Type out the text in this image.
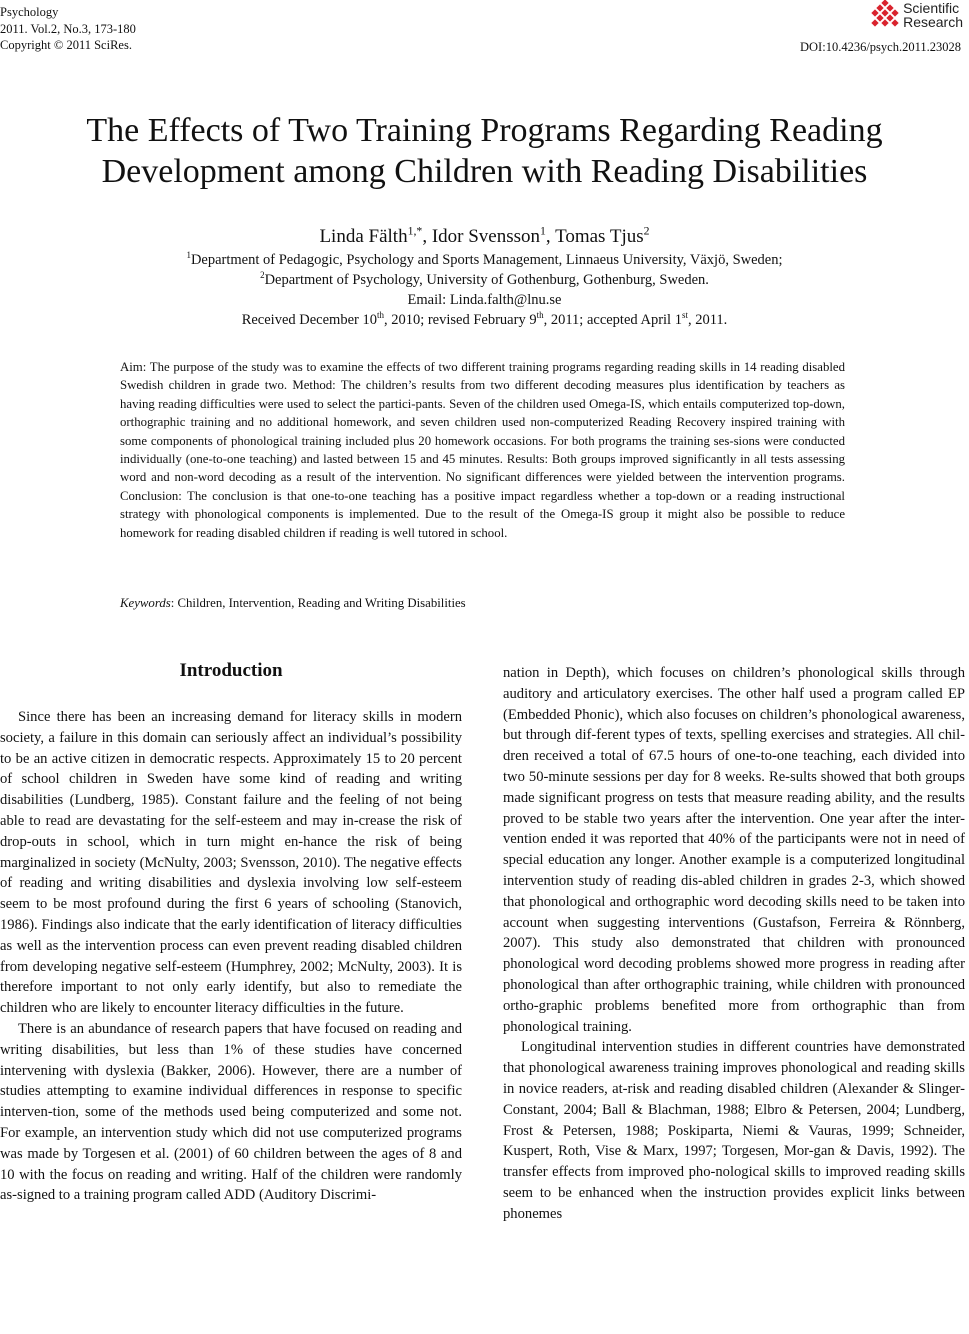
Psychology
2011. Vol.2, No.3, 173-180
Copyright © 2011 SciRes.
Scientific
Research
DOI:10.4236/psych.2011.23028
The Effects of Two Training Programs Regarding Reading
Development among Children with Reading Disabilities
Linda Fälth$^{1,*}$, Idor Svensson$^1$, Tomas Tjus$^2$
$^1$Department of Pedagogic, Psychology and Sports Management, Linnaeus University, Växjö, Sweden;
$^2$Department of Psychology, University of Gothenburg, Gothenburg, Sweden.
Email: Linda.falth@lnu.se
Received December 10th, 2010; revised February 9th, 2011; accepted April 1st, 2011.
Aim: The purpose of the study was to examine the effects of two different training programs regarding reading skills in 14 reading disabled Swedish children in grade two. Method: The children’s results from two different decoding measures plus identification by teachers as having reading difficulties were used to select the partici-pants. Seven of the children used Omega-IS, which entails computerized top-down, orthographic training and no additional homework, and seven children used non-computerized Reading Recovery inspired training with some components of phonological training included plus 20 homework occasions. For both programs the training ses-sions were conducted individually (one-to-one teaching) and lasted between 15 and 45 minutes. Results: Both groups improved significantly in all tests assessing word and non-word decoding as a result of the intervention. No significant differences were yielded between the intervention programs. Conclusion: The conclusion is that one-to-one teaching has a positive impact regardless whether a top-down or a reading instructional strategy with phonological components is implemented. Due to the result of the Omega-IS group it might also be possible to reduce homework for reading disabled children if reading is well tutored in school.
Keywords: Children, Intervention, Reading and Writing Disabilities
Introduction

Since there has been an increasing demand for literacy skills in modern society, a failure in this domain can seriously affect an individual’s possibility to be an active citizen in democratic respects. Approximately 15 to 20 percent of school children in Sweden have some kind of reading and writing disabilities (Lundberg, 1985). Constant failure and the feeling of not being able to read are devastating for the self-esteem and may in-crease the risk of drop-outs in school, which in turn might en-hance the risk of being marginalized in society (McNulty, 2003; Svensson, 2010). The negative effects of reading and writing disabilities and dyslexia involving low self-esteem seem to be most profound during the first 6 years of schooling (Stanovich, 1986). Findings also indicate that the early identification of literacy difficulties as well as the intervention process can even prevent reading disabled children from developing negative self-esteem (Humphrey, 2002; McNulty, 2003). It is therefore important to not only early identify, but also to remediate the children who are likely to encounter literacy difficulties in the future.

There is an abundance of research papers that have focused on reading and writing disabilities, but less than 1% of these studies have concerned intervening with dyslexia (Bakker, 2006). However, there are a number of studies attempting to examine individual differences in response to specific interven-tion, some of the methods used being computerized and some not. For example, an intervention study which did not use computerized programs was made by Torgesen et al. (2001) of 60 children between the ages of 8 and 10 with the focus on reading and writing. Half of the children were randomly as-signed to a training program called ADD (Auditory Discrimi-

nation in Depth), which focuses on children’s phonological skills through auditory and articulatory exercises. The other half used a program called EP (Embedded Phonic), which also focuses on children’s phonological awareness, but through dif-ferent types of texts, spelling exercises and strategies. All chil-dren received a total of 67.5 hours of one-to-one teaching, each divided into two 50-minute sessions per day for 8 weeks. Re-sults showed that both groups made significant progress on tests that measure reading ability, and the results proved to be stable two years after the intervention. One year after the inter-vention ended it was reported that 40% of the participants were not in need of special education any longer. Another example is a computerized longitudinal intervention study of reading dis-abled children in grades 2-3, which showed that phonological and orthographic word decoding skills need to be taken into account when suggesting interventions (Gustafson, Ferreira & Rönnberg, 2007). This study also demonstrated that children with pronounced phonological word decoding problems showed more progress in reading after phonological than after orthographic training, while children with pronounced ortho-graphic problems benefited more from orthographic than from phonological training.

Longitudinal intervention studies in different countries have demonstrated that phonological awareness training improves phonological and reading skills in novice readers, at-risk and reading disabled children (Alexander & Slinger-Constant, 2004; Ball & Blachman, 1988; Elbro & Petersen, 2004; Lundberg, Frost & Petersen, 1988; Poskiparta, Niemi & Vauras, 1999; Schneider, Kuspert, Roth, Vise & Marx, 1997; Torgesen, Mor-gan & Davis, 1992). The transfer effects from improved pho-nological skills to improved reading skills seem to be enhanced when the instruction provides explicit links between phonemes
